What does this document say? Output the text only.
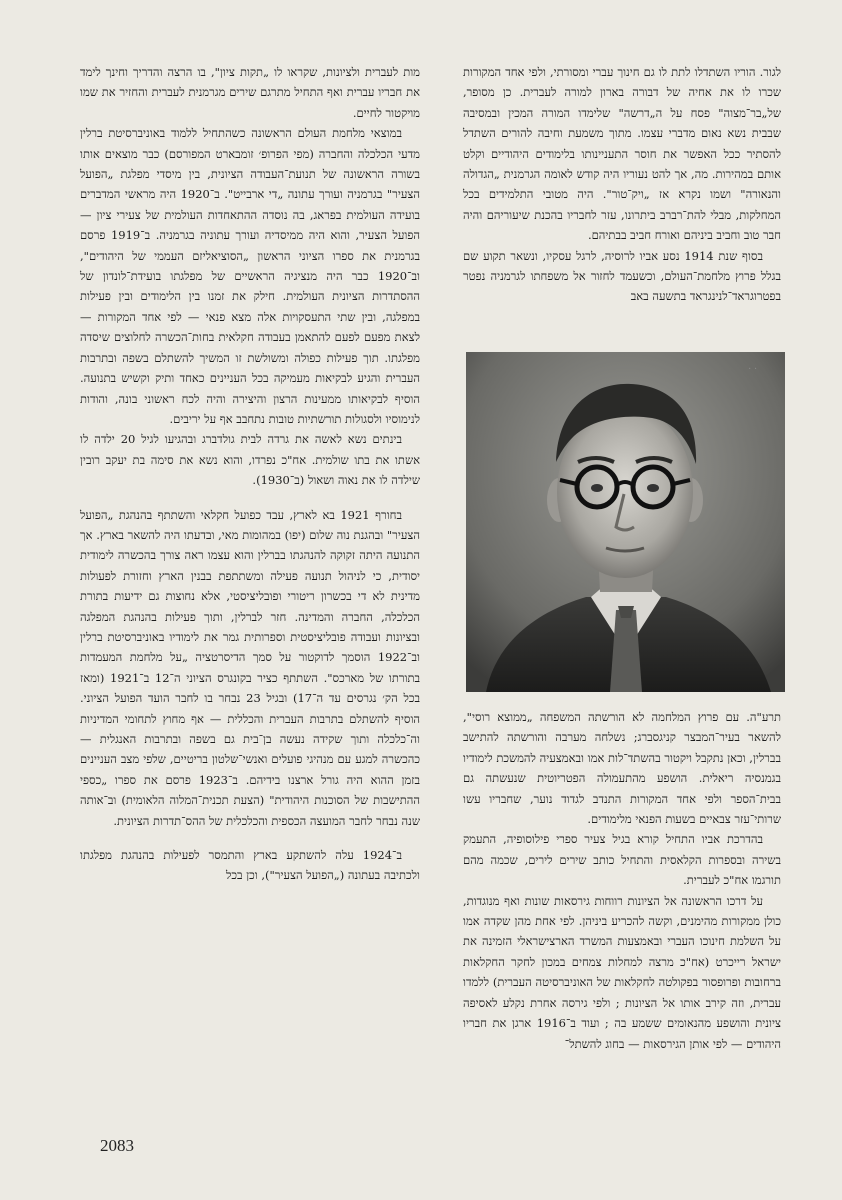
לגור. הוריו השתדלו לתת לו גם חינוך עברי ומסורתי, ולפי אחד המקורות שכרו לו את אחיה של דבורה בארון למורה לעברית. כן מסופר, של„בר־מצוה" פסח על ה„דרשה" שלימדו המורה המכין ובמסיבה שבבית נשא נאום מדברי עצמו. מתוך משמעת וחיבה להורים השתדל להסתיר ככל האפשר את חוסר התעניינותו בלימודים היהודיים וקלט אותם במהירות. מה, אך להט נעוריו היה קודש לאומה הגרמנית „הגדולה והנאורה" ושמו נקרא אז „ויק־טור". היה מטובי התלמידים בכל המחלקות, מבלי להת־רברב ביתרונו, עזר לחבריו בהכנת שיעוריהם והיה חבר טוב וחביב ביניהם ואורח חביב בבתיהם.

בסוף שנת 1914 נסע אביו לרוסיה, לרגל עסקיו, ונשאר תקוע שם בגלל פרוץ מלחמת־העולם, וכשעמד לחזור אל משפחתו לגרמניה נפטר בפטרוגראד־לנינגראד בתשעה באב

· ·

תרע"ה. עם פרוץ המלחמה לא הורשתה המשפחה „ממוצא רוסי", להשאר בעיר־המבצר קניגסברג; נשלחה מערבה והורשתה להתישב בברלין, וכאן נתקבל ויקטור בהשתד־לות אמו ובאמצעיה להמשכת לימודיו בגמנסיה ריאלית. הושפע מהתעמולה הפטריוטית שנעשתה גם בבית־הספר ולפי אחד המקורות התנדב לגדוד נוער, שחבריו עשו שרותי־עזר צבאיים בשעות הפנאי מלימודים.

בהדרכת אביו התחיל קורא בגיל צעיר ספרי פילוסופיה, התעמק בשירה ובספרות הקלאסית והתחיל כותב שירים לירים, שכמה מהם תורגמו אח"כ לעברית.

על דרכו הראשונה אל הציונות רווחות גירסאות שונות ואף מנוגדות, כולן ממקורות מהימנים, וקשה להכריע ביניהן. לפי אחת מהן שקדה אמו על השלמת חינוכו העברי ובאמצעות המשרד הארצישראלי הזמינה את ישראל רייכרט (אח"כ מרצה למחלות צמחים במכון לחקר החקלאות ברחובות ופרופסור בפקולטה לחקלאות של האוניברסיטה העברית) ללמדו עברית, וזה קירב אותו אל הציונות ; ולפי גירסה אחרת נקלע לאסיפה ציונית והושפע מהנאומים ששמע בה ; ועוד ב־1916 ארגן את חבריו היהודים — לפי אותן הגירסאות — בחוג להשתל־

מות לעברית ולציונות, שקראו לו „תקות ציון", בו הרצה והדריך וחינך לימד את חבריו עברית ואף התחיל מתרגם שירים מגרמנית לעברית והחזיר את שמו מויקטור לחיים.

במוצאי מלחמת העולם הראשונה כשהתחיל ללמוד באוניברסיטת ברלין מדעי הכלכלה והחברה (מפי הפרופ׳ זומבארט המפורסם) כבר מוצאים אותו בשורה הראשונה של תנועת־העבודה הציונית, בין מיסדי מפלגת „הפועל הצעיר" בגרמניה ועורך עתונה „די ארבייט". ב־1920 היה מראשי המדברים בועידה העולמית בפראג, בה נוסדה ההתאחדות העולמית של צעירי ציון — הפועל הצעיר, והוא היה ממיסדיה ועורך עתוניה בגרמניה. ב־1919 פרסם בגרמנית את ספרו הציוני הראשון „הסוציאליזם העממי של היהודים", וב־1920 כבר היה מנציגיה הראשיים של מפלגתו בועידת־לונדון של ההסתדרות הציונית העולמית. חילק את זמנו בין הלימודים ובין פעילות במפלגה, ובין שתי התעסקויות אלה מצא פנאי — לפי אחד המקורות — לצאת מפעם לפעם להתאמן בעבודה חקלאית בחות־הכשרה לחלוצים שיסדה מפלגתו. תוך פעילות כפולה ומשולשת זו המשיך להשתלם בשפה ובתרבות העברית והגיע לבקיאות מעמיקה בכל העניינים כאחד ותיק וקשיש בתנועה. הוסיף לבקיאותו ממעינות הרצון והיצירה והיה לכח ראשוני בונה, והודות לנימוסיו ולסגולות תורשתיות טובות נתחבב אף על יריבים.

בינתים נשא לאשה את גרדה לבית גולדברג ובהגיעו לגיל 20 ילדה לו אשתו את בתו שולמית. אח"כ נפרדו, והוא נשא את סימה בת יעקב רובין שילדה לו את נאוה ושאול (ב־1930).

בחורף 1921 בא לארץ, עבד כפועל חקלאי והשתתף בהנהגת „הפועל הצעיר" ובהגנת נוה שלום (יפו) במהומות מאי, ובדעתו היה להשאר בארץ. אך התנועה היתה זקוקה להנהגתו בברלין והוא עצמו ראה צורך בהכשרה לימודית יסודית, כי לניהול תנועה פעילה ומשתתפת בבנין הארץ וחזורת לפעולות מדינית לא די בכשרון ריטורי ופובליציסטי, אלא נחוצות גם ידיעות בתורת הכלכלה, החברה והמדינה. חזר לברלין, ותוך פעילות בהנהגת המפלגה ובציונות ועבודה פובליציסטית וספרותית גמר את לימודיו באוניברסיטת ברלין וב־1922 הוסמך לדוקטור על סמך הדיסרטציה „על מלחמת המעמדות בתורתו של מארכס". השתתף כציר בקונגרס הציוני ה־12 ב־1921 (ומאז בכל הק׳ נגרסים עד ה־17) ובגיל 23 נבחר בו לחבר הועד הפועל הציוני. הוסיף להשתלם בתרבות העברית והכללית — אף מחוץ לתחומי המדיניות וה־כלכלה ותוך שקידה נעשה בן־בית גם בשפה ובתרבות האנגלית — כהכשרה למגע עם מנהיגי פועלים ואנשי־שלטון בריטיים, שלפי מצב העניינים בזמן ההוא היה גורל ארצנו בידיהם. ב־1923 פרסם את ספרו „כספי ההתישבות של הסוכנות היהודית" (הצעת תכנית־המלוה הלאומית) וב־אותה שנה נבחר לחבר המועצה הכספית והכלכלית של ההס־תדרות הציונית.

ב־1924 עלה להשתקע בארץ והתמסר לפעילות בהנהגת מפלגתו ולכתיבה בעתונה („הפועל הצעיר"), וכן בכל

2083
